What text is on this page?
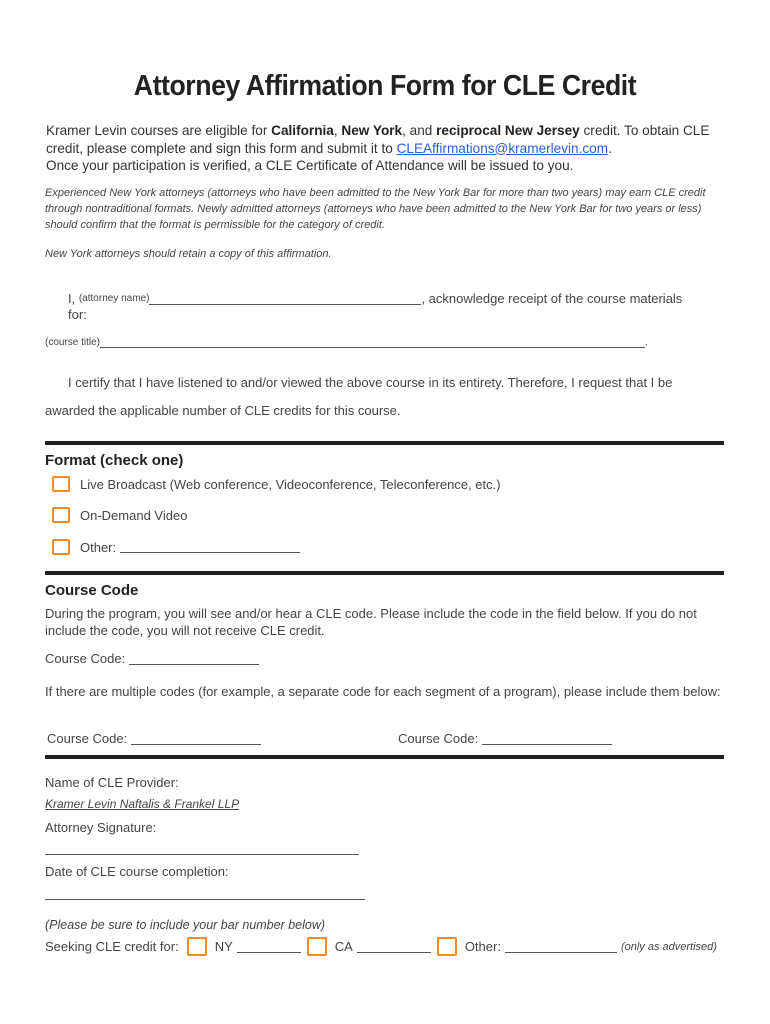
Attorney Affirmation Form for CLE Credit
Kramer Levin courses are eligible for California, New York, and reciprocal New Jersey credit. To obtain CLE credit, please complete and sign this form and submit it to CLEAffirmations@kramerlevin.com.
Once your participation is verified, a CLE Certificate of Attendance will be issued to you.
Experienced New York attorneys (attorneys who have been admitted to the New York Bar for more than two years) may earn CLE credit through nontraditional formats. Newly admitted attorneys (attorneys who have been admitted to the New York Bar for two years or less) should confirm that the format is permissible for the category of credit.
New York attorneys should retain a copy of this affirmation.
I,
(attorney name)	, acknowledge receipt of the course materials
for:
(course title)	.
I certify that I have listened to and/or viewed the above course in its entirety. Therefore, I request that I be
awarded the applicable number of CLE credits for this course.
Format (check one)
Live Broadcast (Web conference, Videoconference, Teleconference, etc.)
On-Demand Video
Other:
Course Code
During the program, you will see and/or hear a CLE code. Please include the code in the field below. If you do not include the code, you will not receive CLE credit.
Course Code:
If there are multiple codes (for example, a separate code for each segment of a program), please include them below:
Course Code:	Course Code:
Name of CLE Provider:
Kramer Levin Naftalis & Frankel LLP
Attorney Signature:
Date of CLE course completion:
(Please be sure to include your bar number below)
Seeking CLE credit for:	NY	CA	Other:	(only as advertised)
